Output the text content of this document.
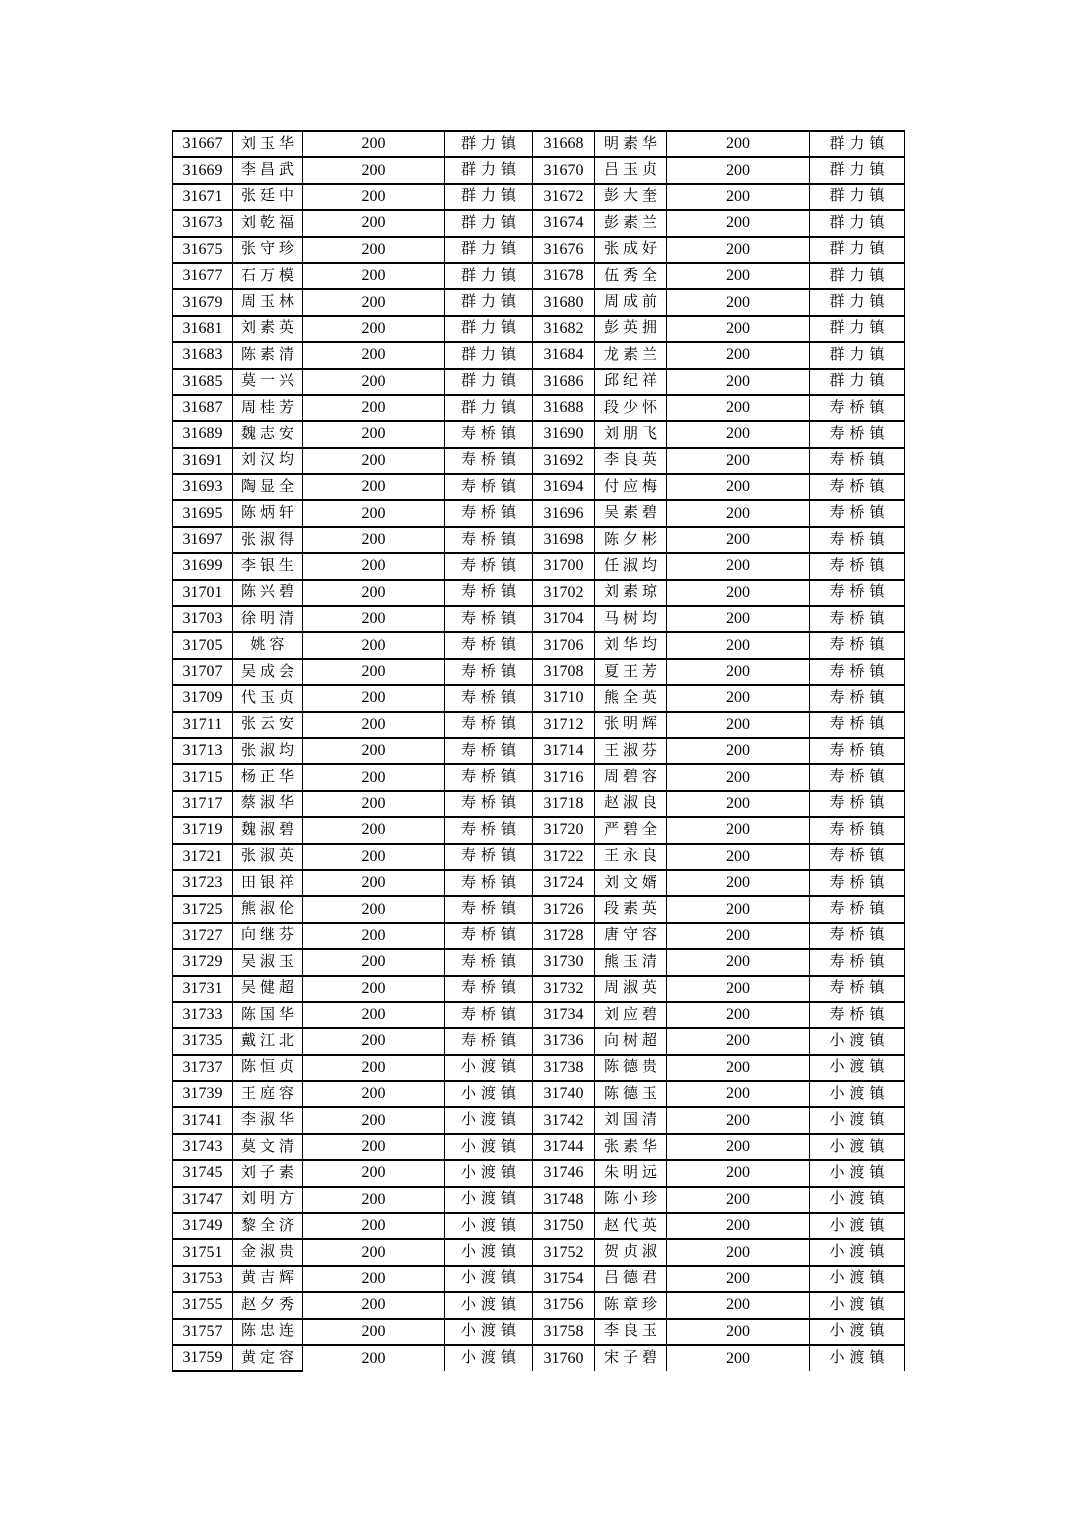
31667	刘玉华	200	群力镇	31668	明素华	200	群力镇
31669	李昌武	200	群力镇	31670	吕玉贞	200	群力镇
31671	张廷中	200	群力镇	31672	彭大奎	200	群力镇
31673	刘乾福	200	群力镇	31674	彭素兰	200	群力镇
31675	张守珍	200	群力镇	31676	张成好	200	群力镇
31677	石万模	200	群力镇	31678	伍秀全	200	群力镇
31679	周玉林	200	群力镇	31680	周成前	200	群力镇
31681	刘素英	200	群力镇	31682	彭英拥	200	群力镇
31683	陈素清	200	群力镇	31684	龙素兰	200	群力镇
31685	莫一兴	200	群力镇	31686	邱纪祥	200	群力镇
31687	周桂芳	200	群力镇	31688	段少怀	200	寿桥镇
31689	魏志安	200	寿桥镇	31690	刘朋飞	200	寿桥镇
31691	刘汉均	200	寿桥镇	31692	李良英	200	寿桥镇
31693	陶显全	200	寿桥镇	31694	付应梅	200	寿桥镇
31695	陈炳轩	200	寿桥镇	31696	吴素碧	200	寿桥镇
31697	张淑得	200	寿桥镇	31698	陈夕彬	200	寿桥镇
31699	李银生	200	寿桥镇	31700	任淑均	200	寿桥镇
31701	陈兴碧	200	寿桥镇	31702	刘素琼	200	寿桥镇
31703	徐明清	200	寿桥镇	31704	马树均	200	寿桥镇
31705	姚容	200	寿桥镇	31706	刘华均	200	寿桥镇
31707	吴成会	200	寿桥镇	31708	夏王芳	200	寿桥镇
31709	代玉贞	200	寿桥镇	31710	熊全英	200	寿桥镇
31711	张云安	200	寿桥镇	31712	张明辉	200	寿桥镇
31713	张淑均	200	寿桥镇	31714	王淑芬	200	寿桥镇
31715	杨正华	200	寿桥镇	31716	周碧容	200	寿桥镇
31717	蔡淑华	200	寿桥镇	31718	赵淑良	200	寿桥镇
31719	魏淑碧	200	寿桥镇	31720	严碧全	200	寿桥镇
31721	张淑英	200	寿桥镇	31722	王永良	200	寿桥镇
31723	田银祥	200	寿桥镇	31724	刘文婿	200	寿桥镇
31725	熊淑伦	200	寿桥镇	31726	段素英	200	寿桥镇
31727	向继芬	200	寿桥镇	31728	唐守容	200	寿桥镇
31729	吴淑玉	200	寿桥镇	31730	熊玉清	200	寿桥镇
31731	吴健超	200	寿桥镇	31732	周淑英	200	寿桥镇
31733	陈国华	200	寿桥镇	31734	刘应碧	200	寿桥镇
31735	戴江北	200	寿桥镇	31736	向树超	200	小渡镇
31737	陈恒贞	200	小渡镇	31738	陈德贵	200	小渡镇
31739	王庭容	200	小渡镇	31740	陈德玉	200	小渡镇
31741	李淑华	200	小渡镇	31742	刘国清	200	小渡镇
31743	莫文清	200	小渡镇	31744	张素华	200	小渡镇
31745	刘子素	200	小渡镇	31746	朱明远	200	小渡镇
31747	刘明方	200	小渡镇	31748	陈小珍	200	小渡镇
31749	黎全济	200	小渡镇	31750	赵代英	200	小渡镇
31751	金淑贵	200	小渡镇	31752	贺贞淑	200	小渡镇
31753	黄吉辉	200	小渡镇	31754	吕德君	200	小渡镇
31755	赵夕秀	200	小渡镇	31756	陈章珍	200	小渡镇
31757	陈忠连	200	小渡镇	31758	李良玉	200	小渡镇
31759	黄定容	200	小渡镇	31760	宋子碧	200	小渡镇
